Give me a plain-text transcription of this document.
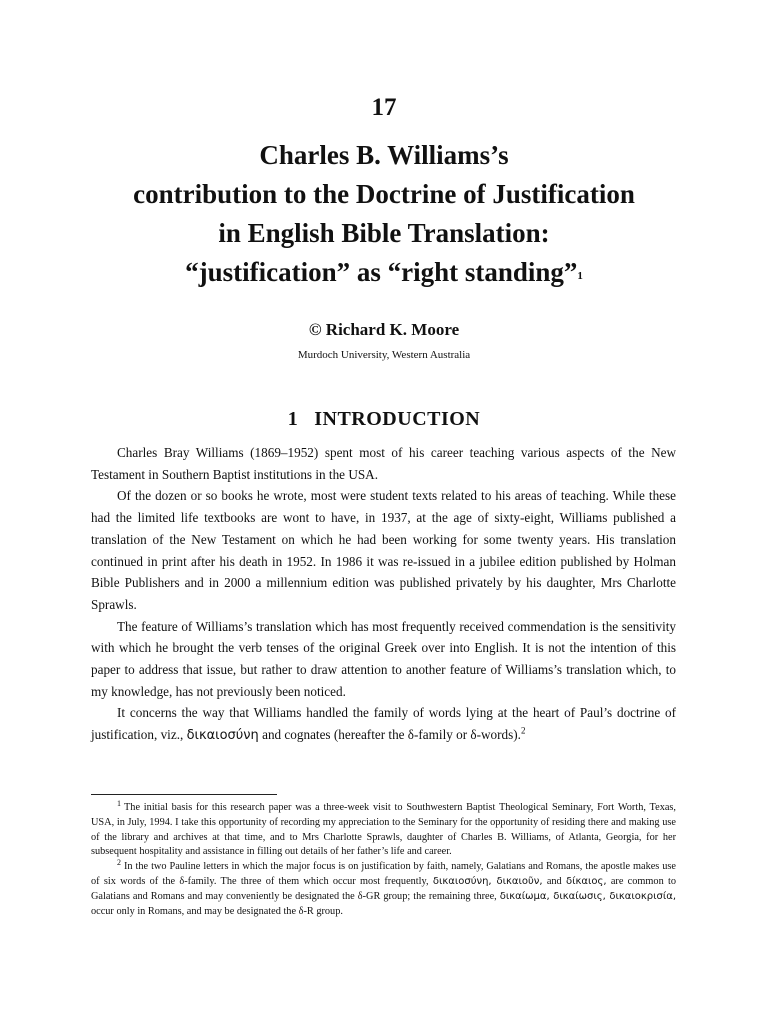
17
Charles B. Williams’s
contribution to the Doctrine of Justification
in English Bible Translation:
“justification” as “right standing”1
© Richard K. Moore
Murdoch University, Western Australia
1 INTRODUCTION

Charles Bray Williams (1869–1952) spent most of his career teaching various aspects of the New Testament in Southern Baptist institutions in the USA.

Of the dozen or so books he wrote, most were student texts related to his areas of teaching. While these had the limited life textbooks are wont to have, in 1937, at the age of sixty-eight, Williams published a translation of the New Testament on which he had been working for some twenty years. His translation continued in print after his death in 1952. In 1986 it was re-issued in a jubilee edition published by Holman Bible Publishers and in 2000 a millennium edition was published privately by his daughter, Mrs Charlotte Sprawls.

The feature of Williams’s translation which has most frequently received commendation is the sensitivity with which he brought the verb tenses of the original Greek over into English. It is not the intention of this paper to address that issue, but rather to draw attention to another feature of Williams’s translation which, to my knowledge, has not previously been noticed.

It concerns the way that Williams handled the family of words lying at the heart of Paul’s doctrine of justification, viz., δικαιοσύνη and cognates (hereafter the δ-family or δ-words).$^2$

$^1$ The initial basis for this research paper was a three-week visit to Southwestern Baptist Theological Seminary, Fort Worth, Texas, USA, in July, 1994. I take this opportunity of recording my appreciation to the Seminary for the opportunity of residing there and making use of the library and archives at that time, and to Mrs Charlotte Sprawls, daughter of Charles B. Williams, of Atlanta, Georgia, for her subsequent hospitality and assistance in filling out details of her father’s life and career.

$^2$ In the two Pauline letters in which the major focus is on justification by faith, namely, Galatians and Romans, the apostle makes use of six words of the δ-family. The three of them which occur most frequently, δικαιοσύνη, δικαιοῦν, and δίκαιος, are common to Galatians and Romans and may conveniently be designated the δ-GR group; the remaining three, δικαίωμα, δικαίωσις, δικαιοκρισία, occur only in Romans, and may be designated the δ-R group.
